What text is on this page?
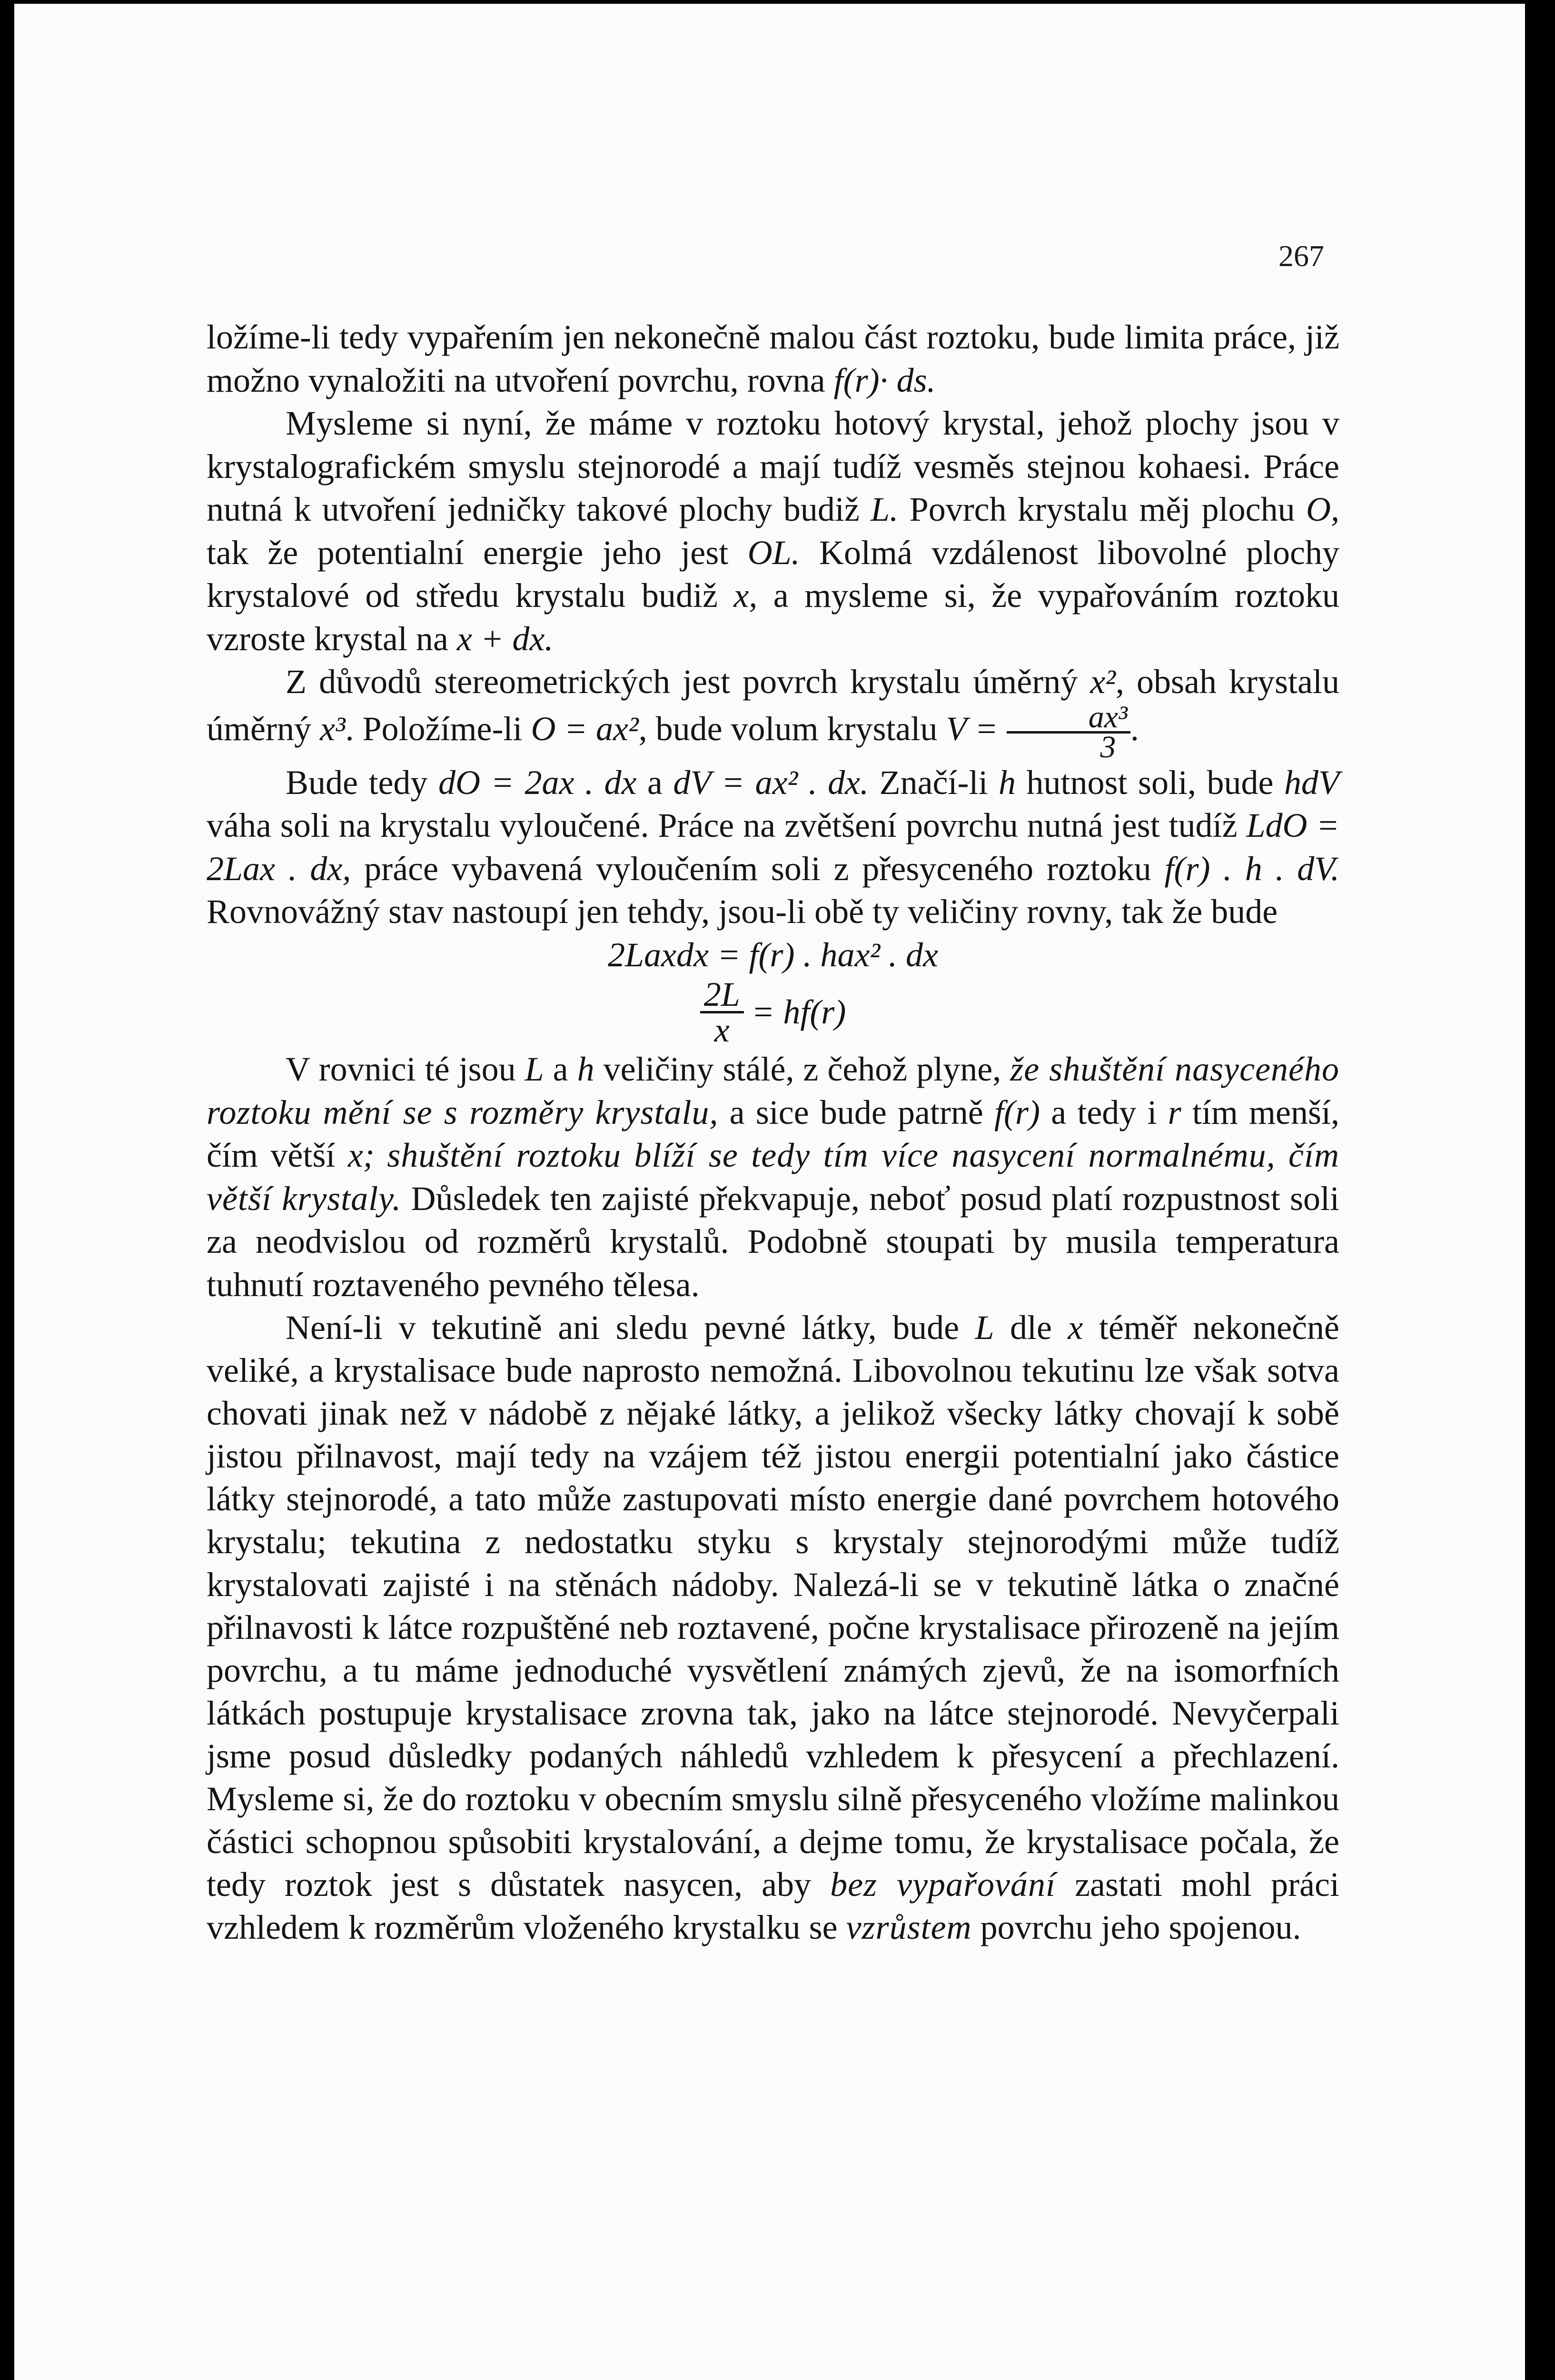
267

ložíme-li tedy vypařením jen nekonečně malou část roztoku, bude limita práce, již možno vynaložiti na utvoření povrchu, rovna f(r)· ds.

Mysleme si nyní, že máme v roztoku hotový krystal, jehož plochy jsou v krystalografickém smyslu stejnorodé a mají tudíž vesměs stejnou kohaesi. Práce nutná k utvoření jedničky takové plochy budiž L. Povrch krystalu měj plochu O, tak že potentialní energie jeho jest OL. Kolmá vzdálenost libovolné plochy krystalové od středu krystalu budiž x, a mysleme si, že vypařováním roztoku vzroste krystal na x + dx.

Z důvodů stereometrických jest povrch krystalu úměrný x², obsah krystalu úměrný x³. Položíme-li O = ax², bude volum krystalu $V = \frac{\text{ax³}}{3}$ .

Bude tedy dO = 2ax . dx a dV = ax² . dx. Značí-li h hutnost soli, bude hdV váha soli na krystalu vyloučené. Práce na zvětšení povrchu nutná jest tudíž LdO = 2Lax . dx, práce vybavená vyloučením soli z přesyceného roztoku f(r) . h . dV. Rovnovážný stav nastoupí jen tehdy, jsou-li obě ty veličiny rovny, tak že bude

2Laxdx = f(r) . hax² . dx

$\frac{2L}{x} = hf(r)$

V rovnici té jsou L a h veličiny stálé, z čehož plyne, že shuštění nasyceného roztoku mění se s rozměry krystalu, a sice bude patrně f(r) a tedy i r tím menší, čím větší x; shuštění roztoku blíží se tedy tím více nasycení normalnému, čím větší krystaly. Důsledek ten zajisté překvapuje, neboť posud platí rozpustnost soli za neodvislou od rozměrů krystalů. Podobně stoupati by musila temperatura tuhnutí roztaveného pevného tělesa.

Není-li v tekutině ani sledu pevné látky, bude L dle x téměř nekonečně veliké, a krystalisace bude naprosto nemožná. Libovolnou tekutinu lze však sotva chovati jinak než v nádobě z nějaké látky, a jelikož všecky látky chovají k sobě jistou přilnavost, mají tedy na vzájem též jistou energii potentialní jako částice látky stejnorodé, a tato může zastupovati místo energie dané povrchem hotového krystalu; tekutina z nedostatku styku s krystaly stejnorodými může tudíž krystalovati zajisté i na stěnách nádoby. Nalezá-li se v tekutině látka o značné přilnavosti k látce rozpuštěné neb roztavené, počne krystalisace přirozeně na jejím povrchu, a tu máme jednoduché vysvětlení známých zjevů, že na isomorfních látkách postupuje krystalisace zrovna tak, jako na látce stejnorodé. Nevyčerpali jsme posud důsledky podaných náhledů vzhledem k přesycení a přechlazení. Mysleme si, že do roztoku v obecním smyslu silně přesyceného vložíme malinkou částici schopnou spůsobiti krystalování, a dejme tomu, že krystalisace počala, že tedy roztok jest s důstatek nasycen, aby bez vypařování zastati mohl práci vzhledem k rozměrům vloženého krystalku se vzrůstem povrchu jeho spojenou.
